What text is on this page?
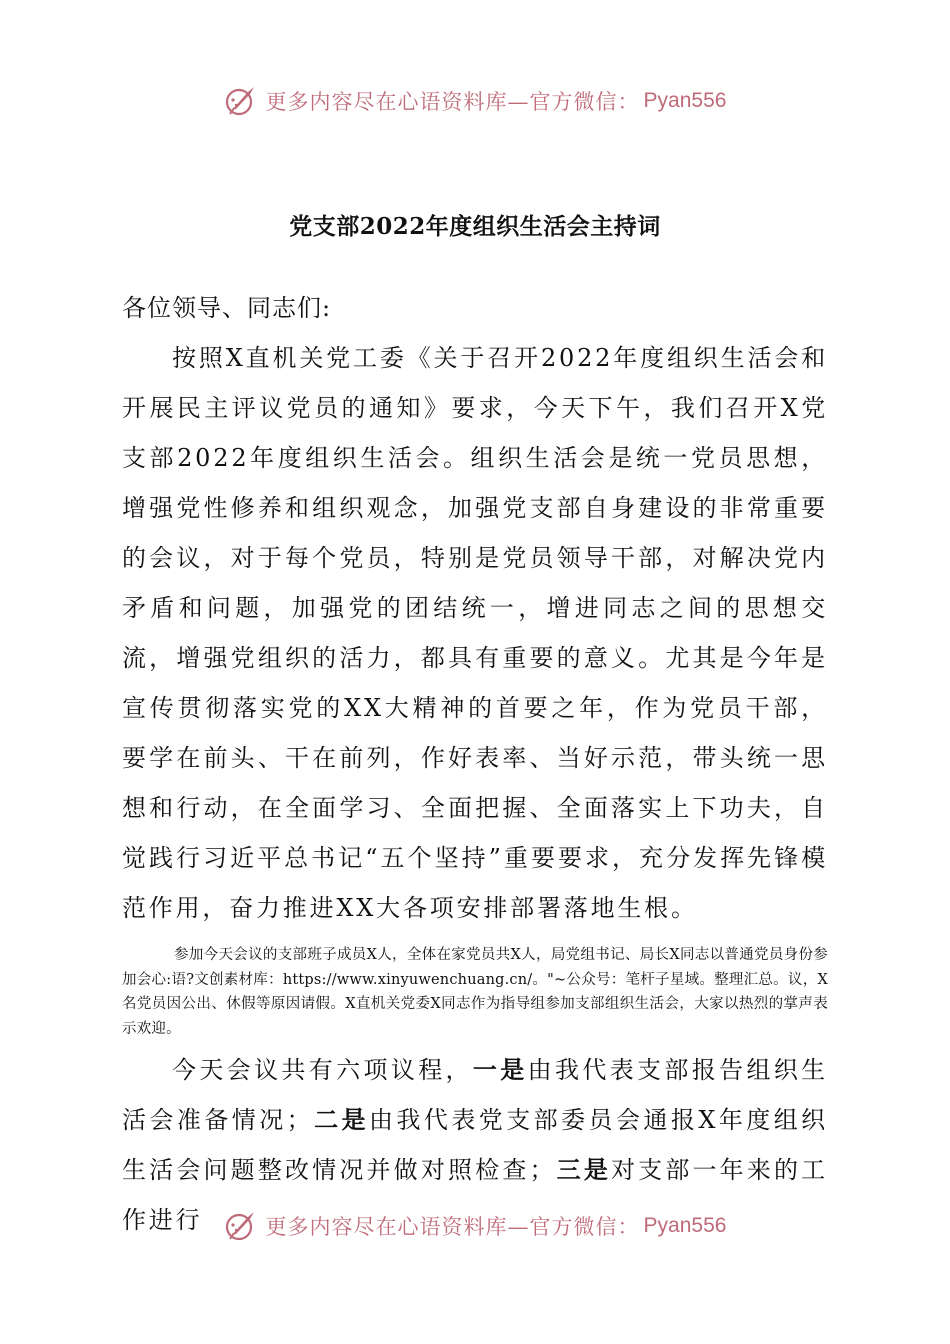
更多内容尽在心语资料库—官方微信： Pyan556
党支部2022年度组织生活会主持词

各位领导、同志们:

按照X直机关党工委《关于召开2022年度组织生活会和开展民主评议党员的通知》要求，今天下午，我们召开X党支部2022年度组织生活会。组织生活会是统一党员思想，增强党性修养和组织观念，加强党支部自身建设的非常重要的会议，对于每个党员，特别是党员领导干部，对解决党内矛盾和问题，加强党的团结统一，增进同志之间的思想交流，增强党组织的活力，都具有重要的意义。尤其是今年是宣传贯彻落实党的XX大精神的首要之年，作为党员干部，要学在前头、干在前列，作好表率、当好示范，带头统一思想和行动，在全面学习、全面把握、全面落实上下功夫，自觉践行习近平总书记“五个坚持”重要要求，充分发挥先锋模范作用，奋力推进XX大各项安排部署落地生根。

参加今天会议的支部班子成员X人，全体在家党员共X人，局党组书记、局长X同志以普通党员身份参加会心:语?文创素材库：https://www.xinyuwenchuang.cn/。"~公众号：笔杆子星域。整理汇总。议，X名党员因公出、休假等原因请假。X直机关党委X同志作为指导组参加支部组织生活会，大家以热烈的掌声表示欢迎。

今天会议共有六项议程，一是由我代表支部报告组织生活会准备情况；二是由我代表党支部委员会通报X年度组织生活会问题整改情况并做对照检查；三是对支部一年来的工作进行	更多内容尽在心语资料库—官方微信： Pyan556
